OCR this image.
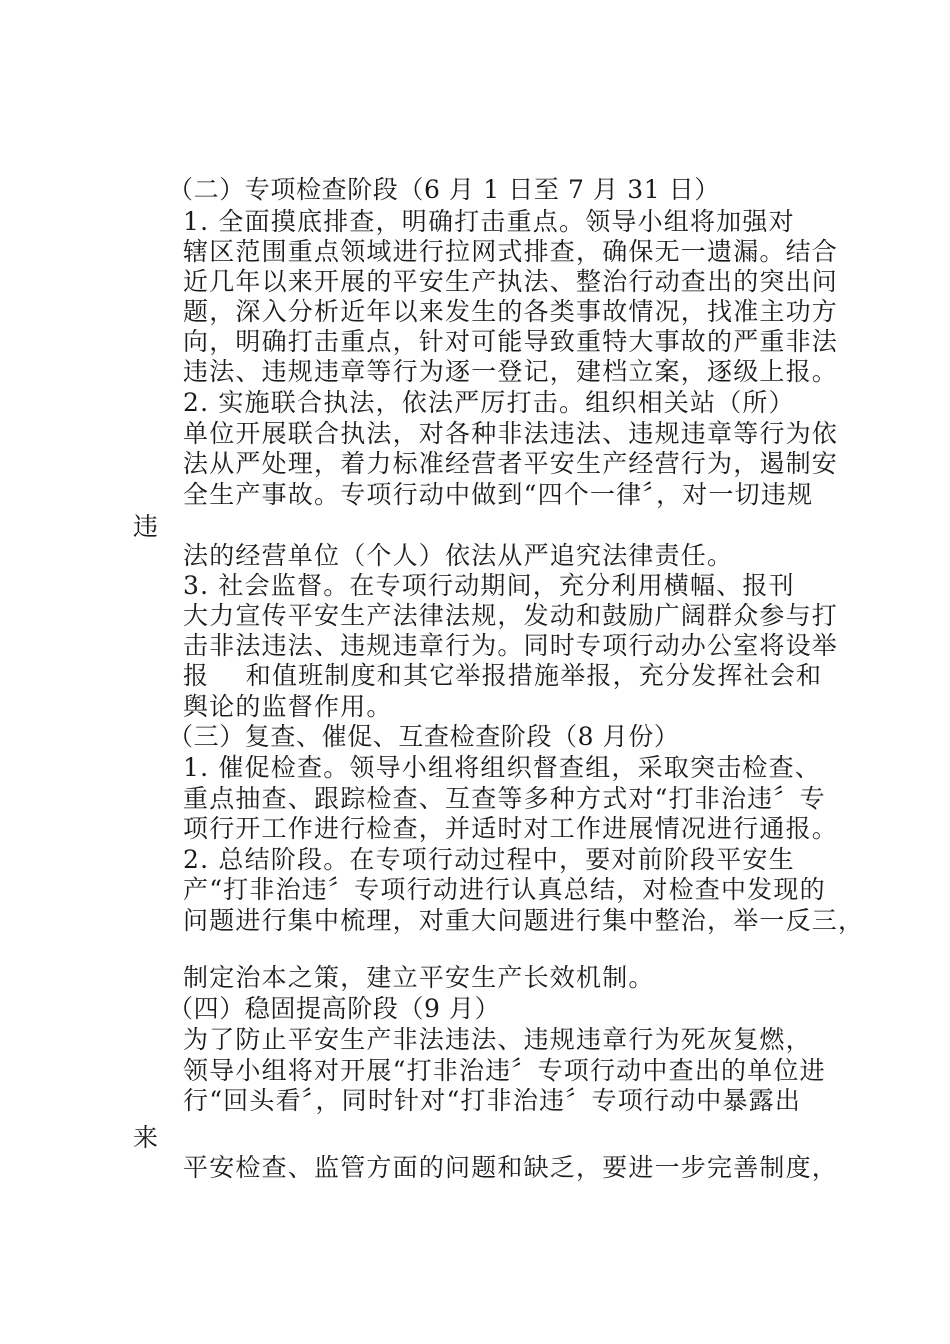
（二）专项检查阶段（6 月 1 日至 7 月 31 日）
1. 全面摸底排查，明确打击重点。领导小组将加强对
辖区范围重点领域进行拉网式排查，确保无一遗漏。结合
近几年以来开展的平安生产执法、整治行动查出的突出问
题，深入分析近年以来发生的各类事故情况，找准主功方
向，明确打击重点，针对可能导致重特大事故的严重非法
违法、违规违章等行为逐一登记，建档立案，逐级上报。
2. 实施联合执法，依法严厉打击。组织相关站（所）
单位开展联合执法，对各种非法违法、违规违章等行为依
法从严处理，着力标准经营者平安生产经营行为，遏制安
全生产事故。专项行动中做到“四个一律〞，对一切违规
违
法的经营单位（个人）依法从严追究法律责任。
3. 社会监督。在专项行动期间，充分利用横幅、报刊
大力宣传平安生产法律法规，发动和鼓励广阔群众参与打
击非法违法、违规违章行为。同时专项行动办公室将设举
报    和值班制度和其它举报措施举报，充分发挥社会和
舆论的监督作用。
（三）复查、催促、互查检查阶段（8 月份）
1. 催促检查。领导小组将组织督查组，采取突击检查、
重点抽查、跟踪检查、互查等多种方式对“打非治违〞专
项行开工作进行检查，并适时对工作进展情况进行通报。
2. 总结阶段。在专项行动过程中，要对前阶段平安生
产“打非治违〞专项行动进行认真总结，对检查中发现的
问题进行集中梳理，对重大问题进行集中整治，举一反三，
制定治本之策，建立平安生产长效机制。
（四）稳固提高阶段（9 月）
为了防止平安生产非法违法、违规违章行为死灰复燃，
领导小组将对开展“打非治违〞专项行动中查出的单位进
行“回头看〞，同时针对“打非治违〞专项行动中暴露出
来
平安检查、监管方面的问题和缺乏，要进一步完善制度，
